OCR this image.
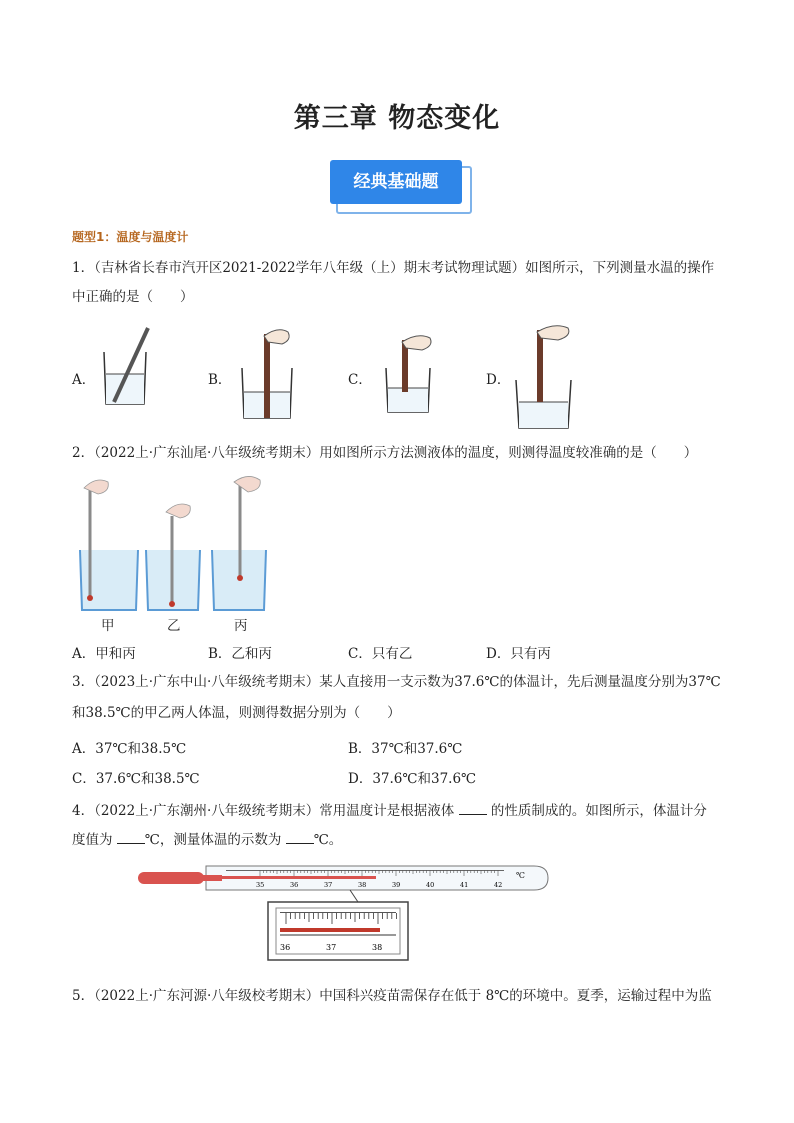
第三章 物态变化
经典基础题
题型1：温度与温度计
1．（吉林省长春市汽开区2021-2022学年八年级（上）期末考试物理试题）如图所示，下列测量水温的操作
中正确的是（　　）
A．	B．	C．	D．
2．（2022上·广东汕尾·八年级统考期末）用如图所示方法测液体的温度，则测得温度较准确的是（　　）
甲	乙	丙
A．甲和丙	B．乙和丙	C．只有乙	D．只有丙
3．（2023上·广东中山·八年级统考期末）某人直接用一支示数为37.6℃的体温计，先后测量温度分别为37℃
和38.5℃的甲乙两人体温，则测得数据分别为（　　）
A．37℃和38.5℃	B．37℃和37.6℃
C．37.6℃和38.5℃	D．37.6℃和37.6℃
4．（2022上·广东潮州·八年级统考期末）常用温度计是根据液体	的性质制成的。如图所示，体温计分
度值为 ℃，测量体温的示数为 ℃。
35	36	37	38	39	40	41	42
℃
36	37	38
5．（2022上·广东河源·八年级校考期末）中国科兴疫苗需保存在低于 8℃的环境中。夏季，运输过程中为监
